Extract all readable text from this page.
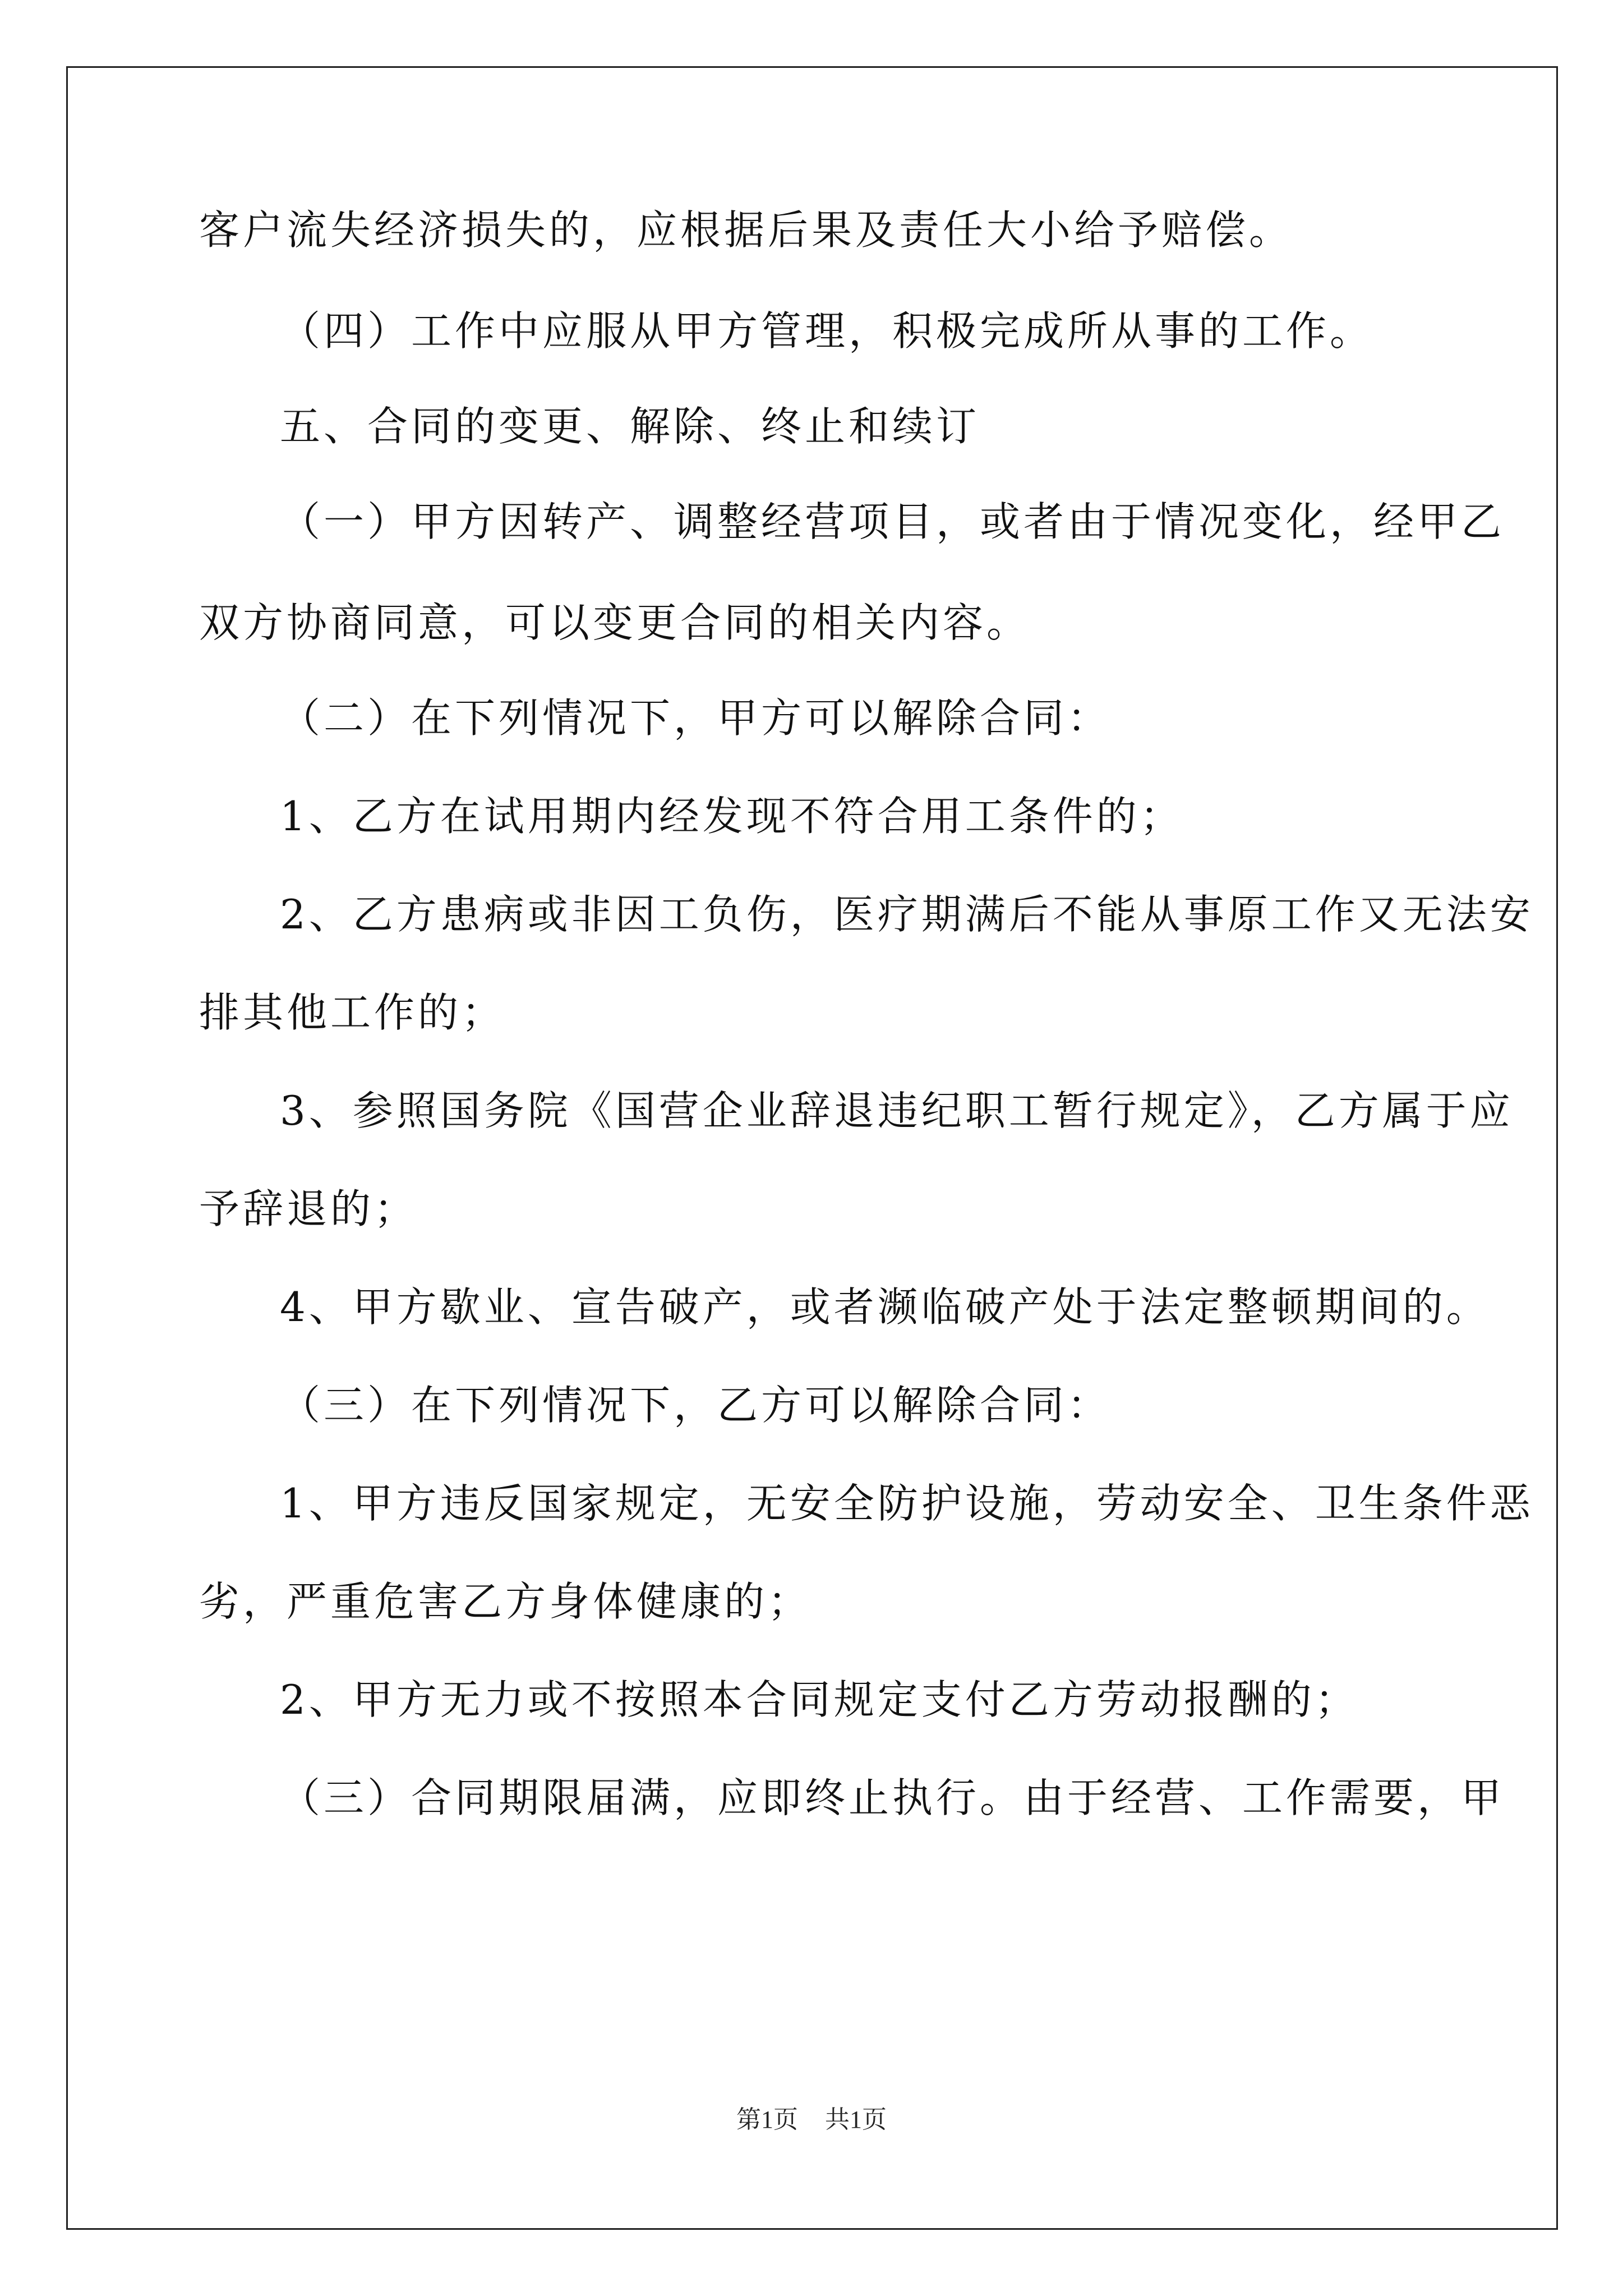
客户流失经济损失的，应根据后果及责任大小给予赔偿。
（四）工作中应服从甲方管理，积极完成所从事的工作。
五、合同的变更、解除、终止和续订
（一）甲方因转产、调整经营项目，或者由于情况变化，经甲乙
双方协商同意，可以变更合同的相关内容。
（二）在下列情况下，甲方可以解除合同：
1、乙方在试用期内经发现不符合用工条件的；
2、乙方患病或非因工负伤，医疗期满后不能从事原工作又无法安
排其他工作的；
3、参照国务院《国营企业辞退违纪职工暂行规定》，乙方属于应
予辞退的；
4、甲方歇业、宣告破产，或者濒临破产处于法定整顿期间的。
（三）在下列情况下，乙方可以解除合同：
1、甲方违反国家规定，无安全防护设施，劳动安全、卫生条件恶
劣，严重危害乙方身体健康的；
2、甲方无力或不按照本合同规定支付乙方劳动报酬的；
（三）合同期限届满，应即终止执行。由于经营、工作需要，甲
第1页 共1页
